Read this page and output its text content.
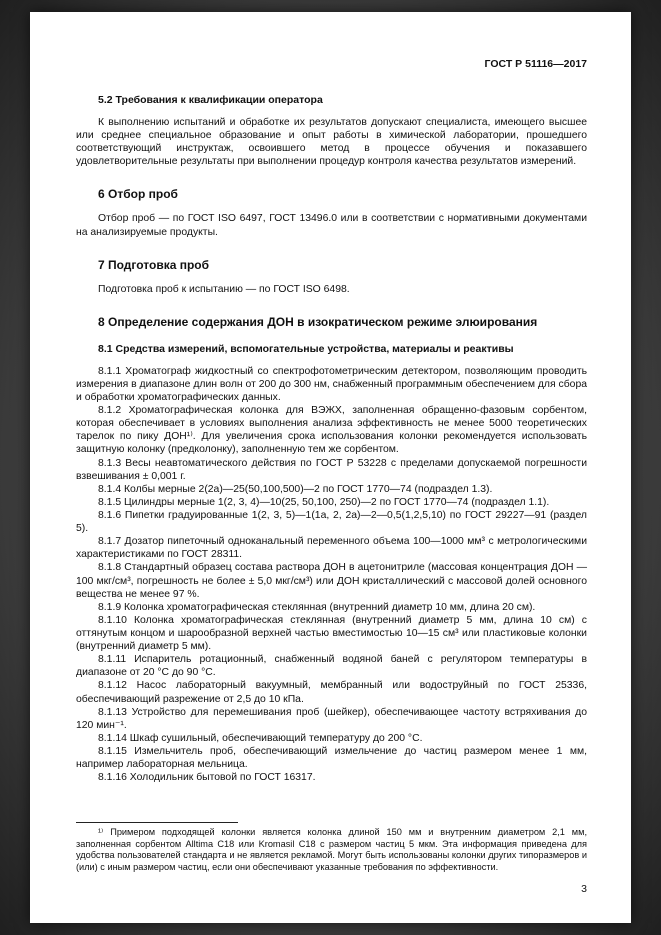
ГОСТ Р 51116—2017
5.2 Требования к квалификации оператора

К выполнению испытаний и обработке их результатов допускают специалиста, имеющего высшее или среднее специальное образование и опыт работы в химической лаборатории, прошедшего соответствующий инструктаж, освоившего метод в процессе обучения и показавшего удовлетворительные результаты при выполнении процедур контроля качества результатов измерений.

6 Отбор проб

Отбор проб — по ГОСТ ISO 6497, ГОСТ 13496.0 или в соответствии с нормативными документами на анализируемые продукты.

7 Подготовка проб

Подготовка проб к испытанию — по ГОСТ ISO 6498.

8 Определение содержания ДОН в изократическом режиме элюирования
8.1 Средства измерений, вспомогательные устройства, материалы и реактивы

8.1.1 Хроматограф жидкостный со спектрофотометрическим детектором, позволяющим проводить измерения в диапазоне длин волн от 200 до 300 нм, снабженный программным обеспечением для сбора и обработки хроматографических данных.

8.1.2 Хроматографическая колонка для ВЭЖХ, заполненная обращенно-фазовым сорбентом, которая обеспечивает в условиях выполнения анализа эффективность не менее 5000 теоретических тарелок по пику ДОН¹⁾. Для увеличения срока использования колонки рекомендуется использовать защитную колонку (предколонку), заполненную тем же сорбентом.

8.1.3 Весы неавтоматического действия по ГОСТ Р 53228 с пределами допускаемой погрешности взвешивания ± 0,001 г.

8.1.4 Колбы мерные 2(2а)—25(50,100,500)—2 по ГОСТ 1770—74 (подраздел 1.3).

8.1.5 Цилиндры мерные 1(2, 3, 4)—10(25, 50,100, 250)—2 по ГОСТ 1770—74 (подраздел 1.1).

8.1.6 Пипетки градуированные 1(2, 3, 5)—1(1а, 2, 2а)—2—0,5(1,2,5,10) по ГОСТ 29227—91 (раздел 5).

8.1.7 Дозатор пипеточный одноканальный переменного объема 100—1000 мм³ с метрологическими характеристиками по ГОСТ 28311.

8.1.8 Стандартный образец состава раствора ДОН в ацетонитриле (массовая концентрация ДОН — 100 мкг/см³, погрешность не более ± 5,0 мкг/см³) или ДОН кристаллический с массовой долей основного вещества не менее 97 %.

8.1.9 Колонка хроматографическая стеклянная (внутренний диаметр 10 мм, длина 20 см).

8.1.10 Колонка хроматографическая стеклянная (внутренний диаметр 5 мм, длина 10 см) с оттянутым концом и шарообразной верхней частью вместимостью 10—15 см³ или пластиковые колонки (внутренний диаметр 5 мм).

8.1.11 Испаритель ротационный, снабженный водяной баней с регулятором температуры в диапазоне от 20 °С до 90 °С.

8.1.12 Насос лабораторный вакуумный, мембранный или водоструйный по ГОСТ 25336, обеспечивающий разрежение от 2,5 до 10 кПа.

8.1.13 Устройство для перемешивания проб (шейкер), обеспечивающее частоту встряхивания до 120 мин⁻¹.

8.1.14 Шкаф сушильный, обеспечивающий температуру до 200 °С.

8.1.15 Измельчитель проб, обеспечивающий измельчение до частиц размером менее 1 мм, например лабораторная мельница.

8.1.16 Холодильник бытовой по ГОСТ 16317.

¹⁾ Примером подходящей колонки является колонка длиной 150 мм и внутренним диаметром 2,1 мм, заполненная сорбентом Alltima C18 или Kromasil C18 с размером частиц 5 мкм. Эта информация приведена для удобства пользователей стандарта и не является рекламой. Могут быть использованы колонки других типоразмеров и (или) с иным размером частиц, если они обеспечивают указанные требования по эффективности.

3
